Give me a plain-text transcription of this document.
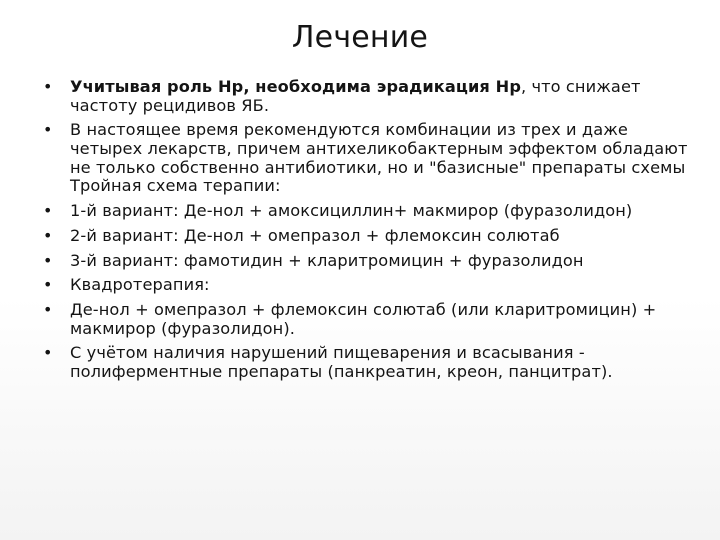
Лечение
• Учитывая роль Hp, необходима эрадикация Hp, что снижает частоту рецидивов ЯБ.
• В настоящее время рекомендуются комбинации из трех и даже четырех лекарств, причем антихеликобактерным эффектом обладают не только собственно антибиотики, но и "базисные" препараты схемы Тройная схема терапии:
• 1-й вариант: Де-нол + амоксициллин+ макмирор (фуразолидон)
• 2-й вариант: Де-нол + омепразол + флемоксин солютаб
• 3-й вариант: фамотидин + кларитромицин + фуразолидон
• Квадротерапия:
• Де-нол + омепразол + флемоксин солютаб (или кларитромицин) + макмирор (фуразолидон).
• С учётом наличия нарушений пищеварения и всасывания - полиферментные препараты (панкреатин, креон, панцитрат).
